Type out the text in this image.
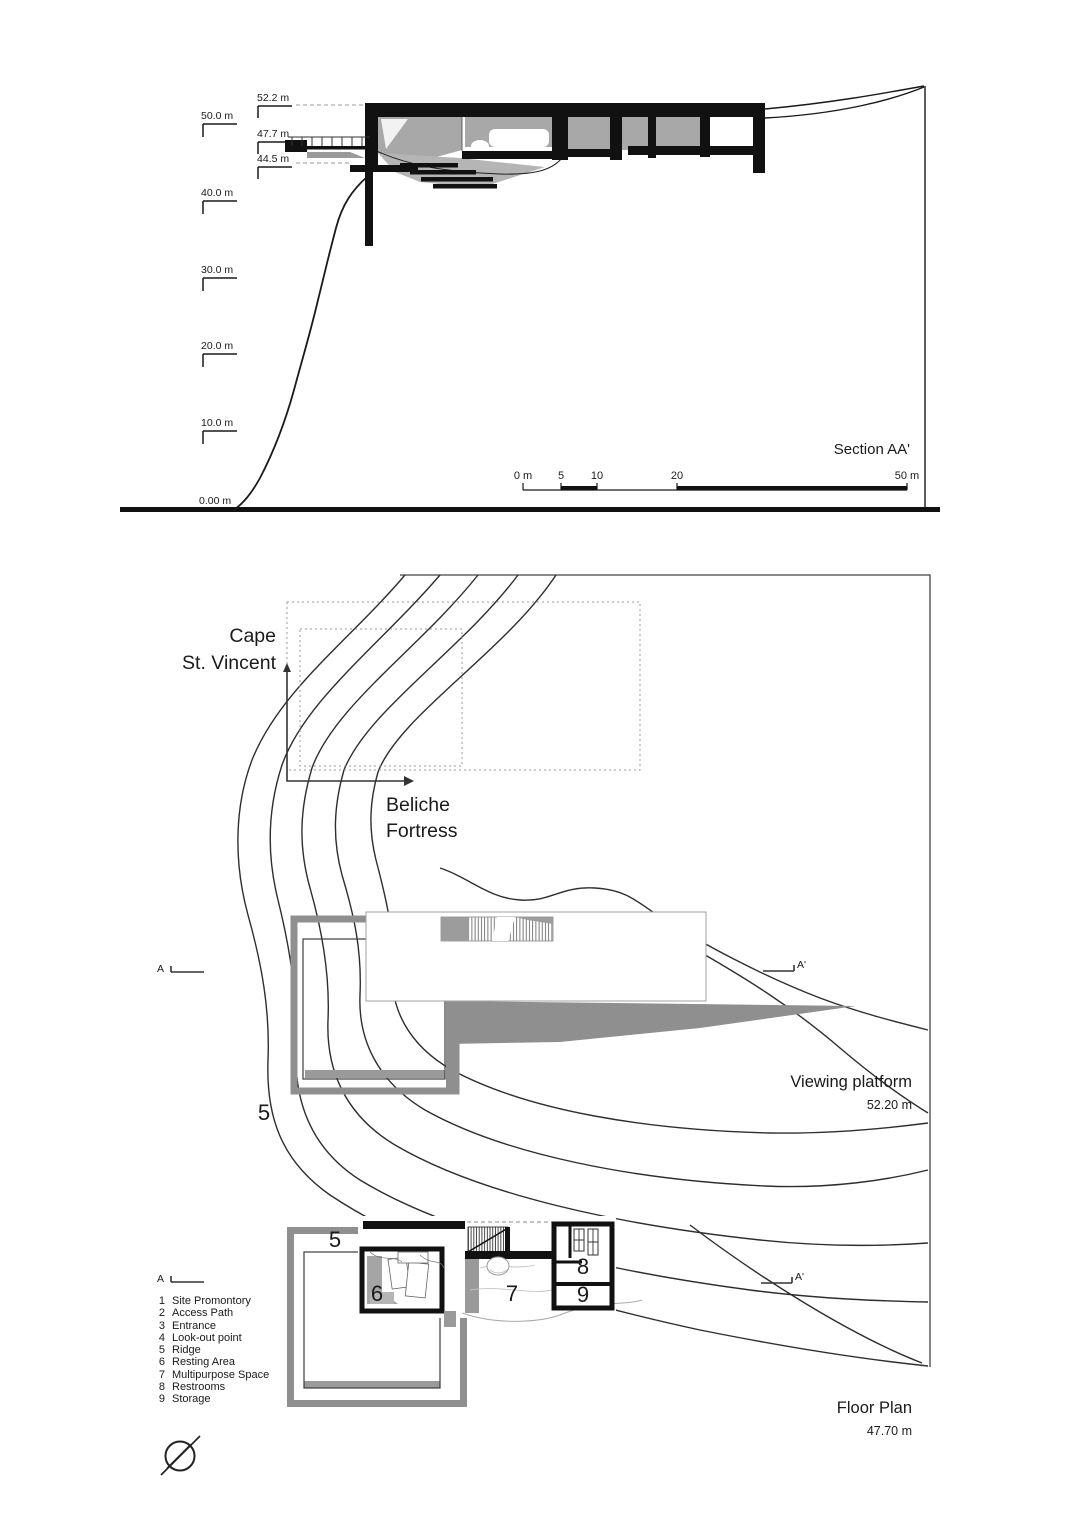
52.2 m
47.7 m
44.5 m
50.0 m
40.0 m
30.0 m
20.0 m
10.0 m
0.00 m
Section AA'
0 m	5	10	20	50 m
Cape
St. Vincent
Beliche
Fortress
Viewing platform
52.20 m
Floor Plan
47.70 m
A	A'
A	A'
5
5
6	7
8
9
1 Site Promontory
2 Access Path
3 Entrance
4 Look-out point
5 Ridge
6 Resting Area
7 Multipurpose Space
8 Restrooms
9 Storage
